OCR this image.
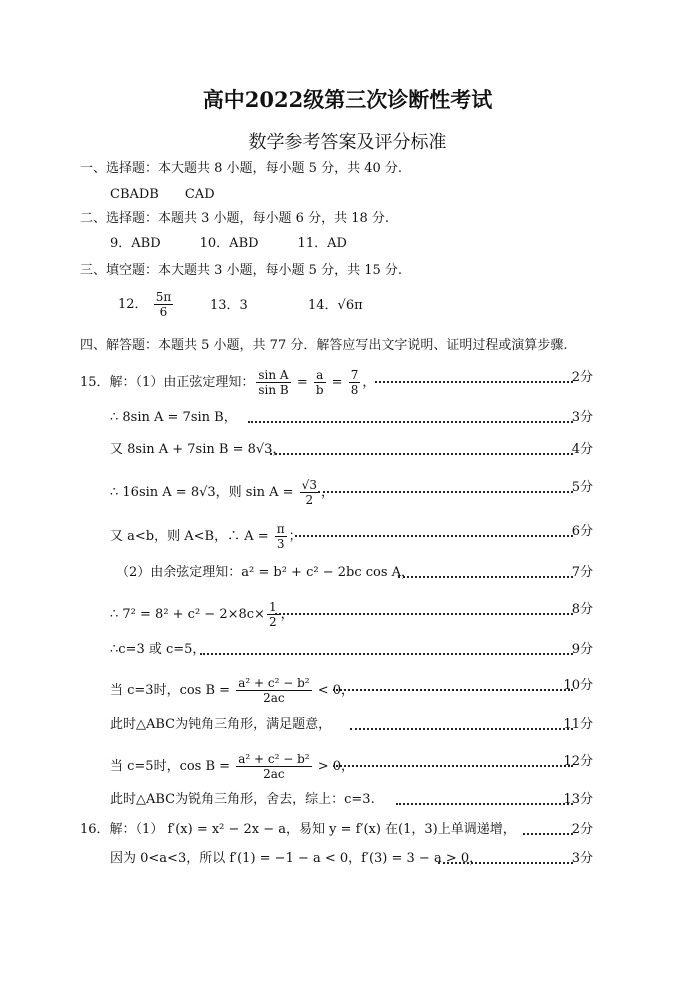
高中2022级第三次诊断性考试
数学参考答案及评分标准
一、选择题：本大题共 8 小题，每小题 5 分，共 40 分.
CBADB　　CAD
二、选择题：本题共 3 小题，每小题 6 分，共 18 分.
9．ABD　　　10．ABD　　　11．AD
三、填空题：本大题共 3 小题，每小题 5 分，共 15 分.
12． $\frac{5\pi}{6}$	13．3	14．√6π
四、解答题：本题共 5 小题，共 77 分．解答应写出文字说明、证明过程或演算步骤.
15．解：（1）由正弦定理知： $\frac{\text{sin A}}{\text{sin B}} = \frac{a}{b} = \frac{7}{8}$ ，	2分
∴ 8sin A = 7sin B，	3分
又 8sin A + 7sin B = 8√3，	4分
∴ 16sin A = 8√3，则 $\sin A = \frac{√3}{2}$ ，	5分
又 a<b，则 A<B，∴ $A = \frac{\pi}{3}$ ；	6分
（2）由余弦定理知：a² = b² + c² − 2bc cos A，	7分
∴ $7^2 = 8^2 + c^2 - 2\times 8c\times \frac{1}{2}$ ，	8分
∴c=3 或 c=5，	9分
当 c=3时，$\cos B = \frac{\text{a² + c² − b²}}{2ac} < 0$，	10分
此时△ABC为钝角三角形，满足题意，	11分
当 c=5时，$\cos B = \frac{\text{a² + c² − b²}}{2ac} > 0$，	12分
此时△ABC为锐角三角形，舍去，综上：c=3.	13分
16．解：（1） f′(x) = x² − 2x − a，易知 y = f′(x) 在(1，3)上单调递增，	2分
因为 0<a<3，所以 f′(1) = −1 − a < 0，f′(3) = 3 − a > 0，	3分
